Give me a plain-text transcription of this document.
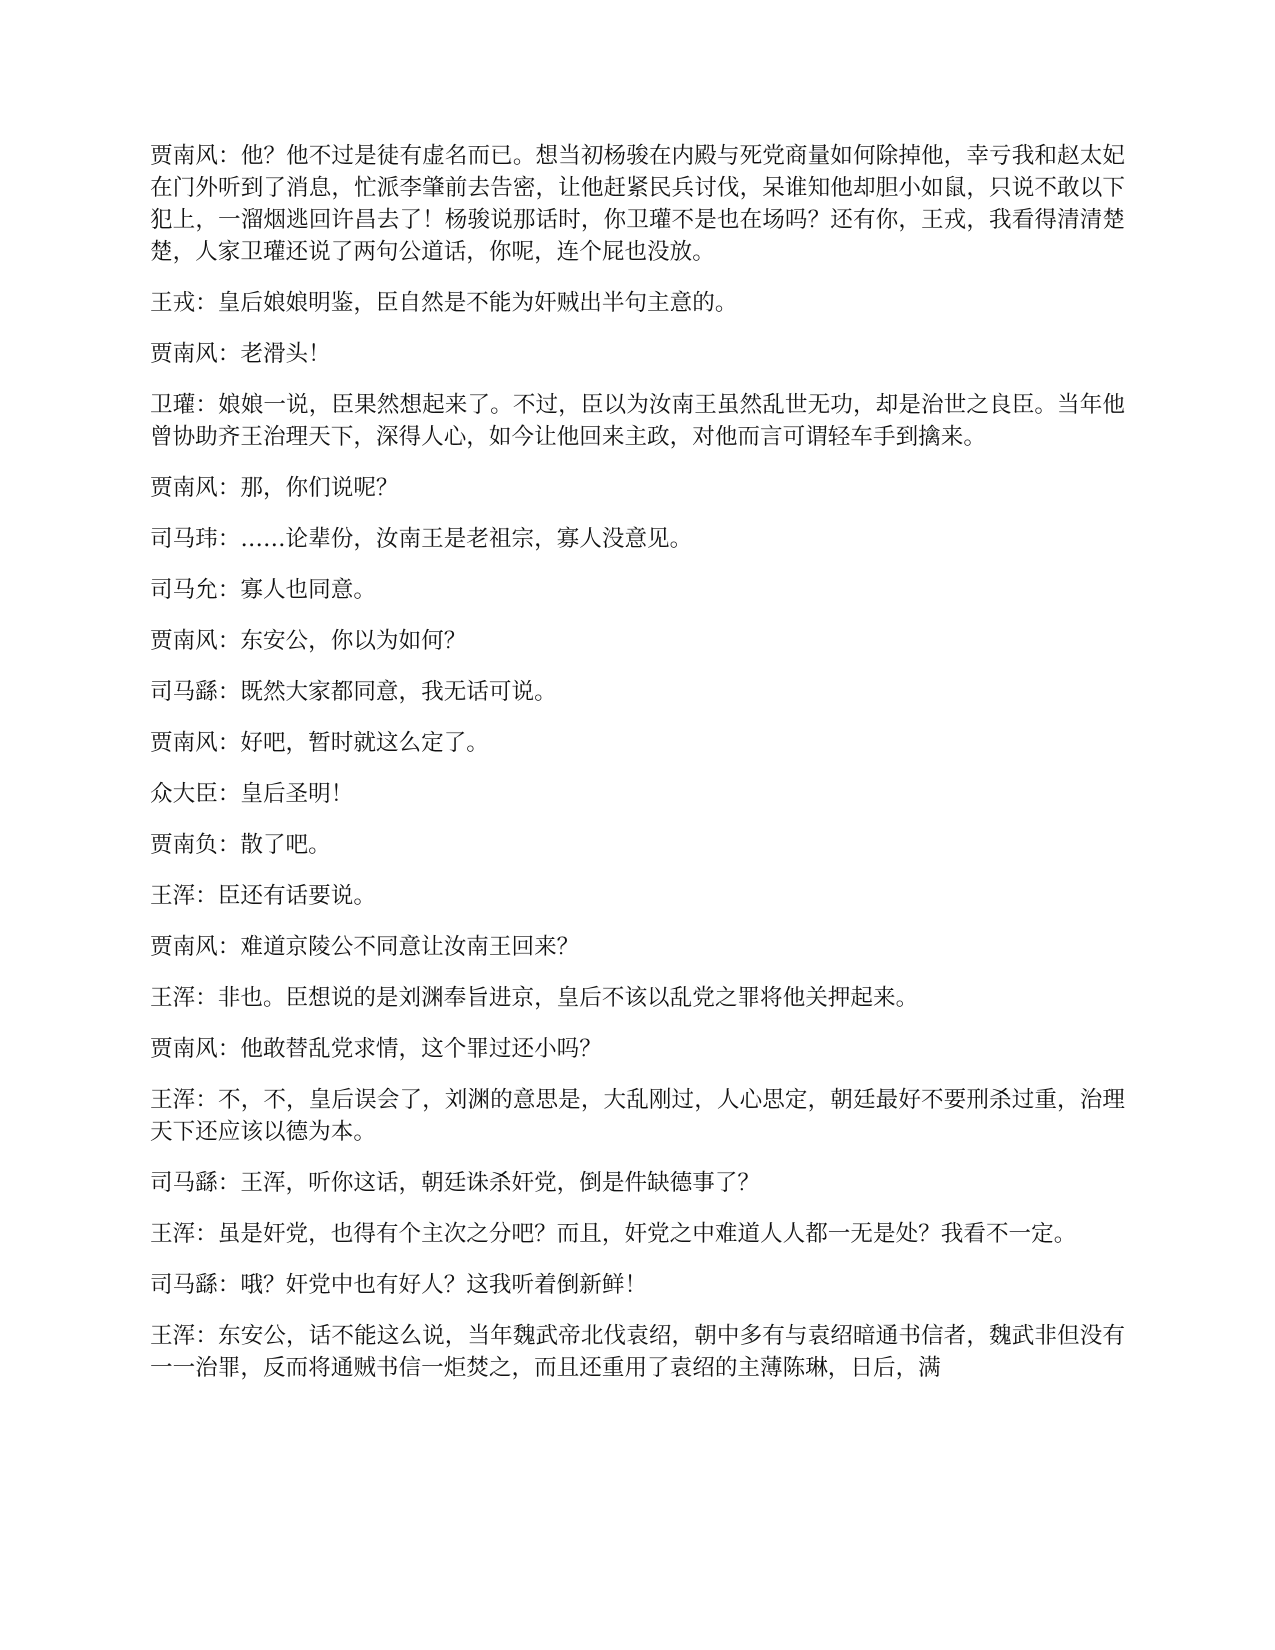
贾南风：他？他不过是徒有虚名而已。想当初杨骏在内殿与死党商量如何除掉他，幸亏我和赵太妃在门外听到了消息，忙派李肇前去告密，让他赶紧民兵讨伐，呆谁知他却胆小如鼠，只说不敢以下犯上，一溜烟逃回许昌去了！杨骏说那话时，你卫瓘不是也在场吗？还有你，王戎，我看得清清楚楚，人家卫瓘还说了两句公道话，你呢，连个屁也没放。

王戎：皇后娘娘明鉴，臣自然是不能为奸贼出半句主意的。

贾南风：老滑头！

卫瓘：娘娘一说，臣果然想起来了。不过，臣以为汝南王虽然乱世无功，却是治世之良臣。当年他曾协助齐王治理天下，深得人心，如今让他回来主政，对他而言可谓轻车手到擒来。

贾南风：那，你们说呢？

司马玮：……论辈份，汝南王是老祖宗，寡人没意见。

司马允：寡人也同意。

贾南风：东安公，你以为如何？

司马繇：既然大家都同意，我无话可说。

贾南风：好吧，暂时就这么定了。

众大臣：皇后圣明！

贾南负：散了吧。

王浑：臣还有话要说。

贾南风：难道京陵公不同意让汝南王回来？

王浑：非也。臣想说的是刘渊奉旨进京，皇后不该以乱党之罪将他关押起来。

贾南风：他敢替乱党求情，这个罪过还小吗？

王浑：不，不，皇后误会了，刘渊的意思是，大乱刚过，人心思定，朝廷最好不要刑杀过重，治理天下还应该以德为本。

司马繇：王浑，听你这话，朝廷诛杀奸党，倒是件缺德事了？

王浑：虽是奸党，也得有个主次之分吧？而且，奸党之中难道人人都一无是处？我看不一定。

司马繇：哦？奸党中也有好人？这我听着倒新鲜！

王浑：东安公，话不能这么说，当年魏武帝北伐袁绍，朝中多有与袁绍暗通书信者，魏武非但没有一一治罪，反而将通贼书信一炬焚之，而且还重用了袁绍的主薄陈琳，日后，满
